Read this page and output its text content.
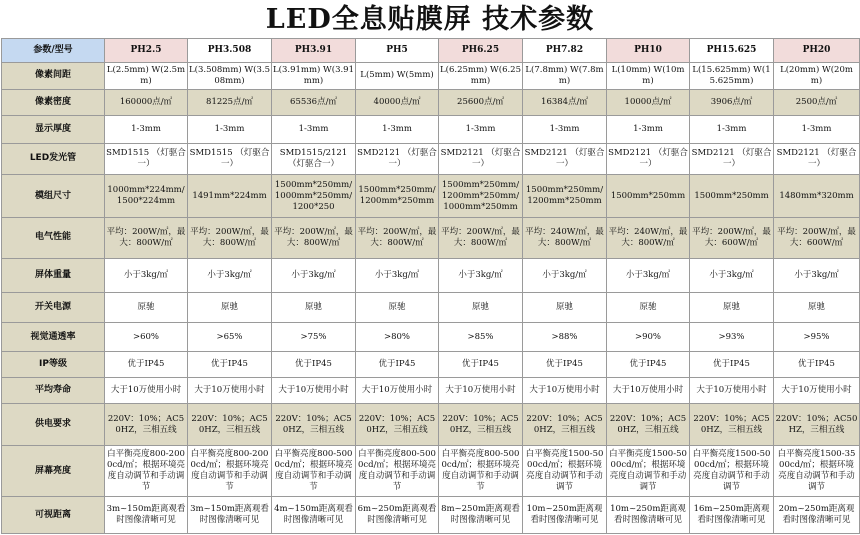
LED全息贴膜屏 技术参数
参数/型号	PH2.5	PH3.508	PH3.91	PH5	PH6.25	PH7.82	PH10	PH15.625	PH20
像素间距	L(2.5mm) W(2.5mm)	L(3.508mm) W(3.508mm)	L(3.91mm) W(3.91mm)	L(5mm) W(5mm)	L(6.25mm) W(6.25mm)	L(7.8mm) W(7.8mm)	L(10mm) W(10mm)	L(15.625mm) W(15.625mm)	L(20mm) W(20mm)
像素密度	160000点/㎡	81225点/㎡	65536点/㎡	40000点/㎡	25600点/㎡	16384点/㎡	10000点/㎡	3906点/㎡	2500点/㎡
显示厚度	1-3mm	1-3mm	1-3mm	1-3mm	1-3mm	1-3mm	1-3mm	1-3mm	1-3mm
LED发光管	SMD1515 （灯驱合一）	SMD1515 （灯驱合一）	SMD1515/2121 （灯驱合一）	SMD2121 （灯驱合一）	SMD2121 （灯驱合一）	SMD2121 （灯驱合一）	SMD2121 （灯驱合一）	SMD2121 （灯驱合一）	SMD2121 （灯驱合一）
模组尺寸	1000mm*224mm/1500*224mm	1491mm*224mm	1500mm*250mm/1000mm*250mm/1200*250	1500mm*250mm/1200mm*250mm	1500mm*250mm/1200mm*250mm/1000mm*250mm	1500mm*250mm/1200mm*250mm	1500mm*250mm	1500mm*250mm	1480mm*320mm
电气性能	平均：200W/㎡，最大：800W/㎡	平均：200W/㎡，最大：800W/㎡	平均：200W/㎡，最大：800W/㎡	平均：200W/㎡，最大：800W/㎡	平均：200W/㎡，最大：800W/㎡	平均：240W/㎡，最大：800W/㎡	平均：240W/㎡，最大：800W/㎡	平均：200W/㎡，最大：600W/㎡	平均：200W/㎡，最大：600W/㎡
屏体重量	小于3kg/㎡	小于3kg/㎡	小于3kg/㎡	小于3kg/㎡	小于3kg/㎡	小于3kg/㎡	小于3kg/㎡	小于3kg/㎡	小于3kg/㎡
开关电源	原驰	原驰	原驰	原驰	原驰	原驰	原驰	原驰	原驰
视觉通透率	>60%	>65%	>75%	>80%	>85%	>88%	>90%	>93%	>95%
IP等级	优于IP45	优于IP45	优于IP45	优于IP45	优于IP45	优于IP45	优于IP45	优于IP45	优于IP45
平均寿命	大于10万使用小时	大于10万使用小时	大于10万使用小时	大于10万使用小时	大于10万使用小时	大于10万使用小时	大于10万使用小时	大于10万使用小时	大于10万使用小时
供电要求	220V：10%；AC50HZ，三相五线	220V：10%；AC50HZ，三相五线	220V：10%；AC50HZ，三相五线	220V：10%；AC50HZ，三相五线	220V：10%；AC50HZ，三相五线	220V：10%；AC50HZ，三相五线	220V：10%；AC50HZ，三相五线	220V：10%；AC50HZ，三相五线	220V：10%；AC50HZ，三相五线
屏幕亮度	白平衡亮度800-2000cd/㎡；根据环境亮度自动调节和手动调节	白平衡亮度800-2000cd/㎡；根据环境亮度自动调节和手动调节	白平衡亮度800-5000cd/㎡；根据环境亮度自动调节和手动调节	白平衡亮度800-5000cd/㎡；根据环境亮度自动调节和手动调节	白平衡亮度800-5000cd/㎡；根据环境亮度自动调节和手动调节	白平衡亮度1500-5000cd/㎡；根据环境亮度自动调节和手动调节	白平衡亮度1500-5000cd/㎡；根据环境亮度自动调节和手动调节	白平衡亮度1500-5000cd/㎡；根据环境亮度自动调节和手动调节	白平衡亮度1500-3500cd/㎡；根据环境亮度自动调节和手动调节
可视距离	3m~150m距离观看时图像清晰可见	3m~150m距离观看时图像清晰可见	4m~150m距离观看时图像清晰可见	6m~250m距离观看时图像清晰可见	8m~250m距离观看时图像清晰可见	10m~250m距离观看时图像清晰可见	10m~250m距离观看时图像清晰可见	16m~250m距离观看时图像清晰可见	20m~250m距离观看时图像清晰可见
